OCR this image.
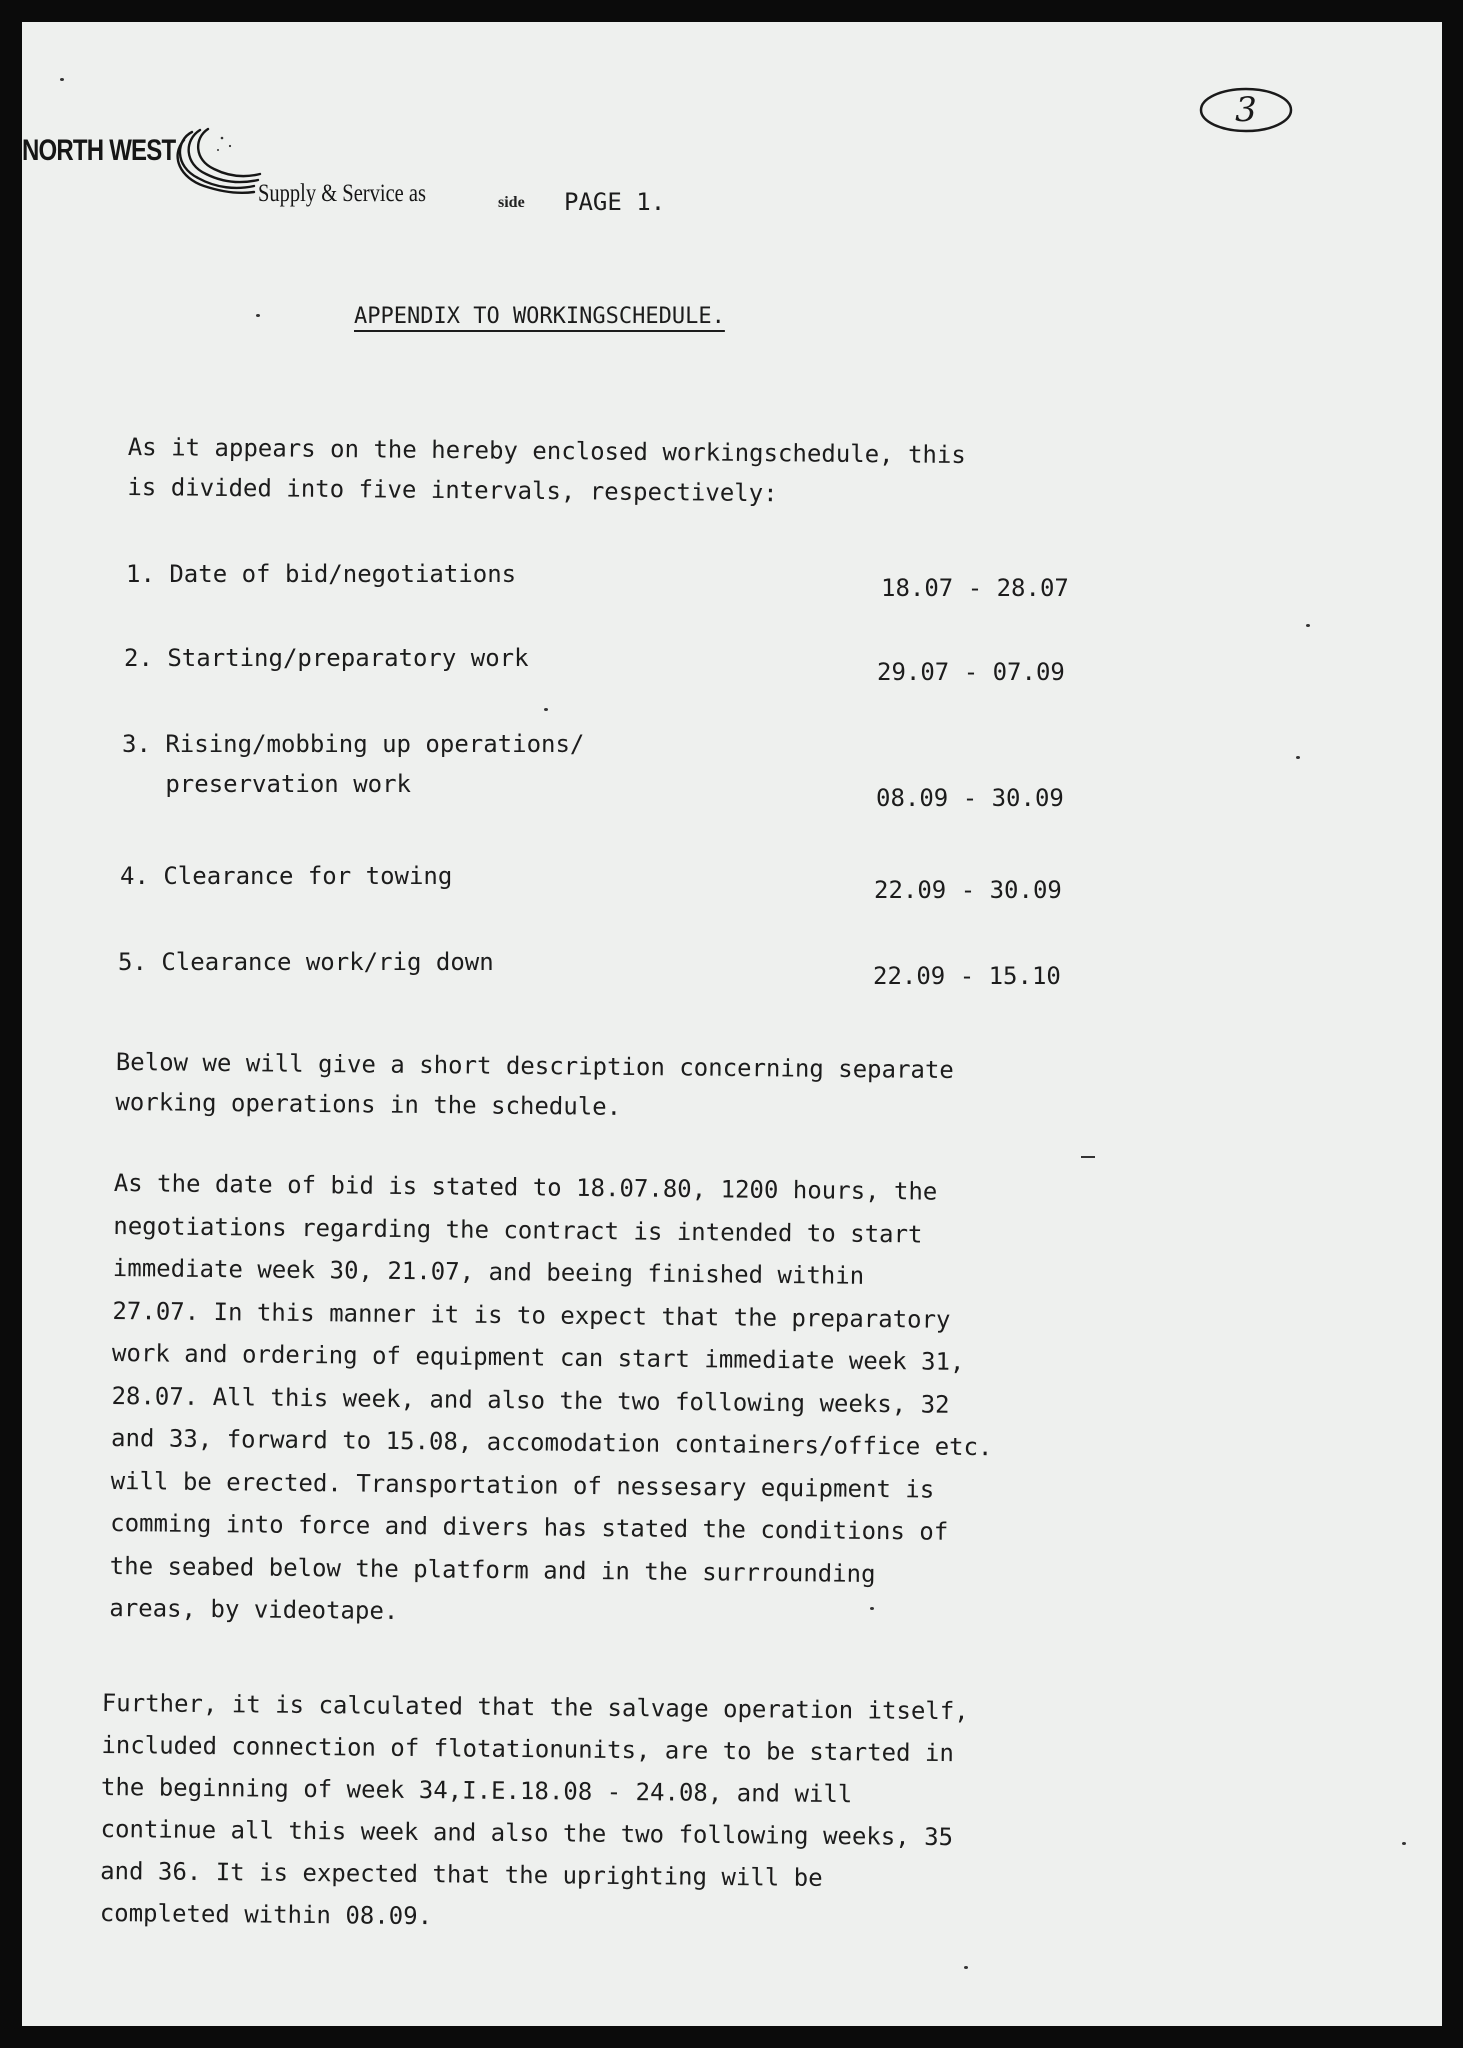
NORTH WEST
Supply & Service as	side PAGE 1.
3
APPENDIX TO WORKINGSCHEDULE.
As it appears on the hereby enclosed workingschedule, this
is divided into five intervals, respectively:
1. Date of bid/negotiations	18.07 - 28.07
2. Starting/preparatory work	29.07 - 07.09
3. Rising/mobbing up operations/
preservation work	08.09 - 30.09
4. Clearance for towing	22.09 - 30.09
5. Clearance work/rig down	22.09 - 15.10
Below we will give a short description concerning separate
working operations in the schedule.
As the date of bid is stated to 18.07.80, 1200 hours, the
negotiations regarding the contract is intended to start
immediate week 30, 21.07, and beeing finished within
27.07. In this manner it is to expect that the preparatory
work and ordering of equipment can start immediate week 31,
28.07. All this week, and also the two following weeks, 32
and 33, forward to 15.08, accomodation containers/office etc.
will be erected. Transportation of nessesary equipment is
comming into force and divers has stated the conditions of
the seabed below the platform and in the surrrounding
areas, by videotape.
Further, it is calculated that the salvage operation itself,
included connection of flotationunits, are to be started in
the beginning of week 34,I.E.18.08 - 24.08, and will
continue all this week and also the two following weeks, 35
and 36. It is expected that the uprighting will be
completed within 08.09.
